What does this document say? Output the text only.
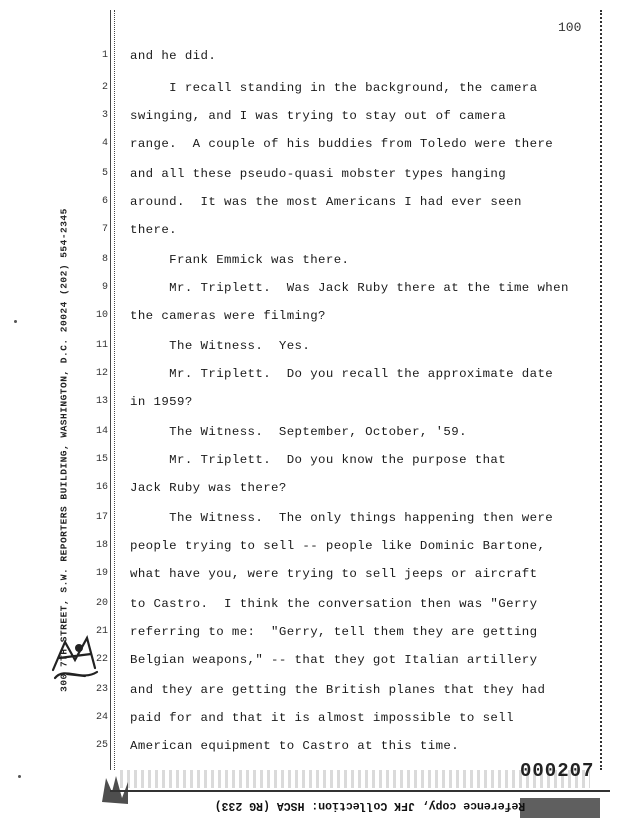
100
300 7TH STREET, S.W. REPORTERS BUILDING, WASHINGTON, D.C. 20024 (202) 554-2345
1
2
3
4
5
6
7
8
9
10
11
12
13
14
15
16
17
18
19
20
21
22
23
24
25
and he did.
I recall standing in the background, the camera
swinging, and I was trying to stay out of camera
range.  A couple of his buddies from Toledo were there
and all these pseudo-quasi mobster types hanging
around.  It was the most Americans I had ever seen
there.
Frank Emmick was there.
Mr. Triplett.  Was Jack Ruby there at the time when
the cameras were filming?
The Witness.  Yes.
Mr. Triplett.  Do you recall the approximate date
in 1959?
The Witness.  September, October, '59.
Mr. Triplett.  Do you know the purpose that
Jack Ruby was there?
The Witness.  The only things happening then were
people trying to sell -- people like Dominic Bartone,
what have you, were trying to sell jeeps or aircraft
to Castro.  I think the conversation then was "Gerry
referring to me:  "Gerry, tell them they are getting
Belgian weapons," -- that they got Italian artillery
and they are getting the British planes that they had
paid for and that it is almost impossible to sell
American equipment to Castro at this time.
000207
Reference copy, JFK Collection: HSCA (RG 233)
